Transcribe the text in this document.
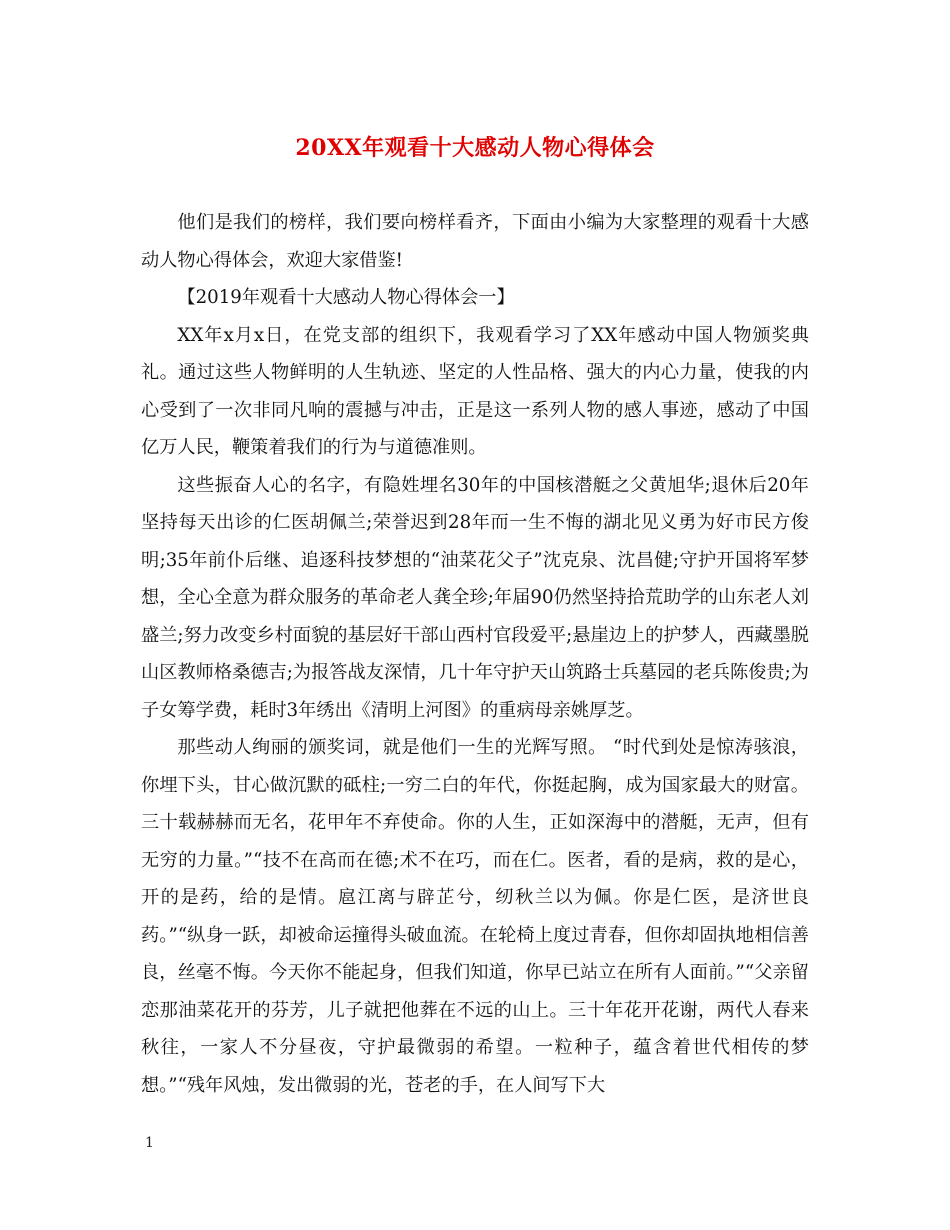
20XX年观看十大感动人物心得体会

他们是我们的榜样，我们要向榜样看齐，下面由小编为大家整理的观看十大感动人物心得体会，欢迎大家借鉴!

【2019年观看十大感动人物心得体会一】

XX年x月x日，在党支部的组织下，我观看学习了XX年感动中国人物颁奖典礼。通过这些人物鲜明的人生轨迹、坚定的人性品格、强大的内心力量，使我的内心受到了一次非同凡响的震撼与冲击，正是这一系列人物的感人事迹，感动了中国亿万人民，鞭策着我们的行为与道德准则。

这些振奋人心的名字，有隐姓埋名30年的中国核潜艇之父黄旭华;退休后20年坚持每天出诊的仁医胡佩兰;荣誉迟到28年而一生不悔的湖北见义勇为好市民方俊明;35年前仆后继、追逐科技梦想的“油菜花父子”沈克泉、沈昌健;守护开国将军梦想，全心全意为群众服务的革命老人龚全珍;年届90仍然坚持拾荒助学的山东老人刘盛兰;努力改变乡村面貌的基层好干部山西村官段爱平;悬崖边上的护梦人，西藏墨脱山区教师格桑德吉;为报答战友深情，几十年守护天山筑路士兵墓园的老兵陈俊贵;为子女筹学费，耗时3年绣出《清明上河图》的重病母亲姚厚芝。

那些动人绚丽的颁奖词，就是他们一生的光辉写照。 “时代到处是惊涛骇浪，你埋下头，甘心做沉默的砥柱;一穷二白的年代，你挺起胸，成为国家最大的财富。三十载赫赫而无名，花甲年不弃使命。你的人生，正如深海中的潜艇，无声，但有无穷的力量。”“技不在高而在德;术不在巧，而在仁。医者，看的是病，救的是心，开的是药，给的是情。扈江离与辟芷兮，纫秋兰以为佩。你是仁医，是济世良药。”“纵身一跃，却被命运撞得头破血流。在轮椅上度过青春，但你却固执地相信善良，丝毫不悔。今天你不能起身，但我们知道，你早已站立在所有人面前。”“父亲留恋那油菜花开的芬芳，儿子就把他葬在不远的山上。三十年花开花谢，两代人春来秋往，一家人不分昼夜，守护最微弱的希望。一粒种子，蕴含着世代相传的梦想。”“残年风烛，发出微弱的光，苍老的手，在人间写下大

1
